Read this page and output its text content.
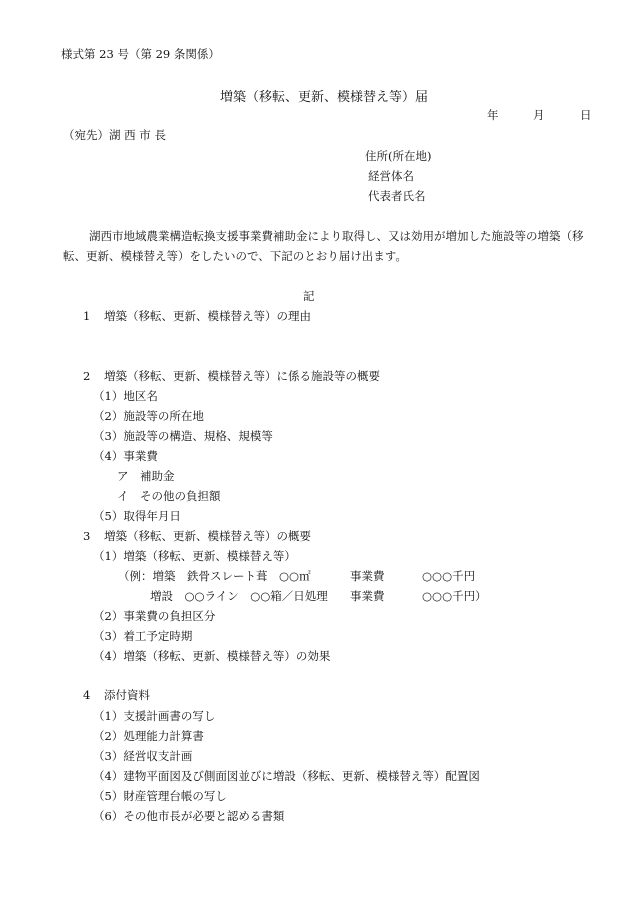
様式第 23 号（第 29 条関係）
増築（移転、更新、模様替え等）届
年	月	日
（宛先）湖 西 市 長
住所(所在地)
経営体名
代表者氏名
湖西市地域農業構造転換支援事業費補助金により取得し、又は効用が増加した施設等の増築（移転、更新、模様替え等）をしたいので、下記のとおり届け出ます。
記
1 増築（移転、更新、模様替え等）の理由
2 増築（移転、更新、模様替え等）に係る施設等の概要
（1）地区名
（2）施設等の所在地
（3）施設等の構造、規格、規模等
（4）事業費
ア　補助金
イ　その他の負担額
（5）取得年月日
3 増築（移転、更新、模様替え等）の概要
（1）増築（移転、更新、模様替え等）
（例：増築　鉄骨スレート葺　○○㎡	事業費	○○○千円
増設　○○ライン　○○箱／日処理 事業費	○○○千円）
（2）事業費の負担区分
（3）着工予定時期
（4）増築（移転、更新、模様替え等）の効果
4 添付資料
（1）支援計画書の写し
（2）処理能力計算書
（3）経営収支計画
（4）建物平面図及び側面図並びに増設（移転、更新、模様替え等）配置図
（5）財産管理台帳の写し
（6）その他市長が必要と認める書類
